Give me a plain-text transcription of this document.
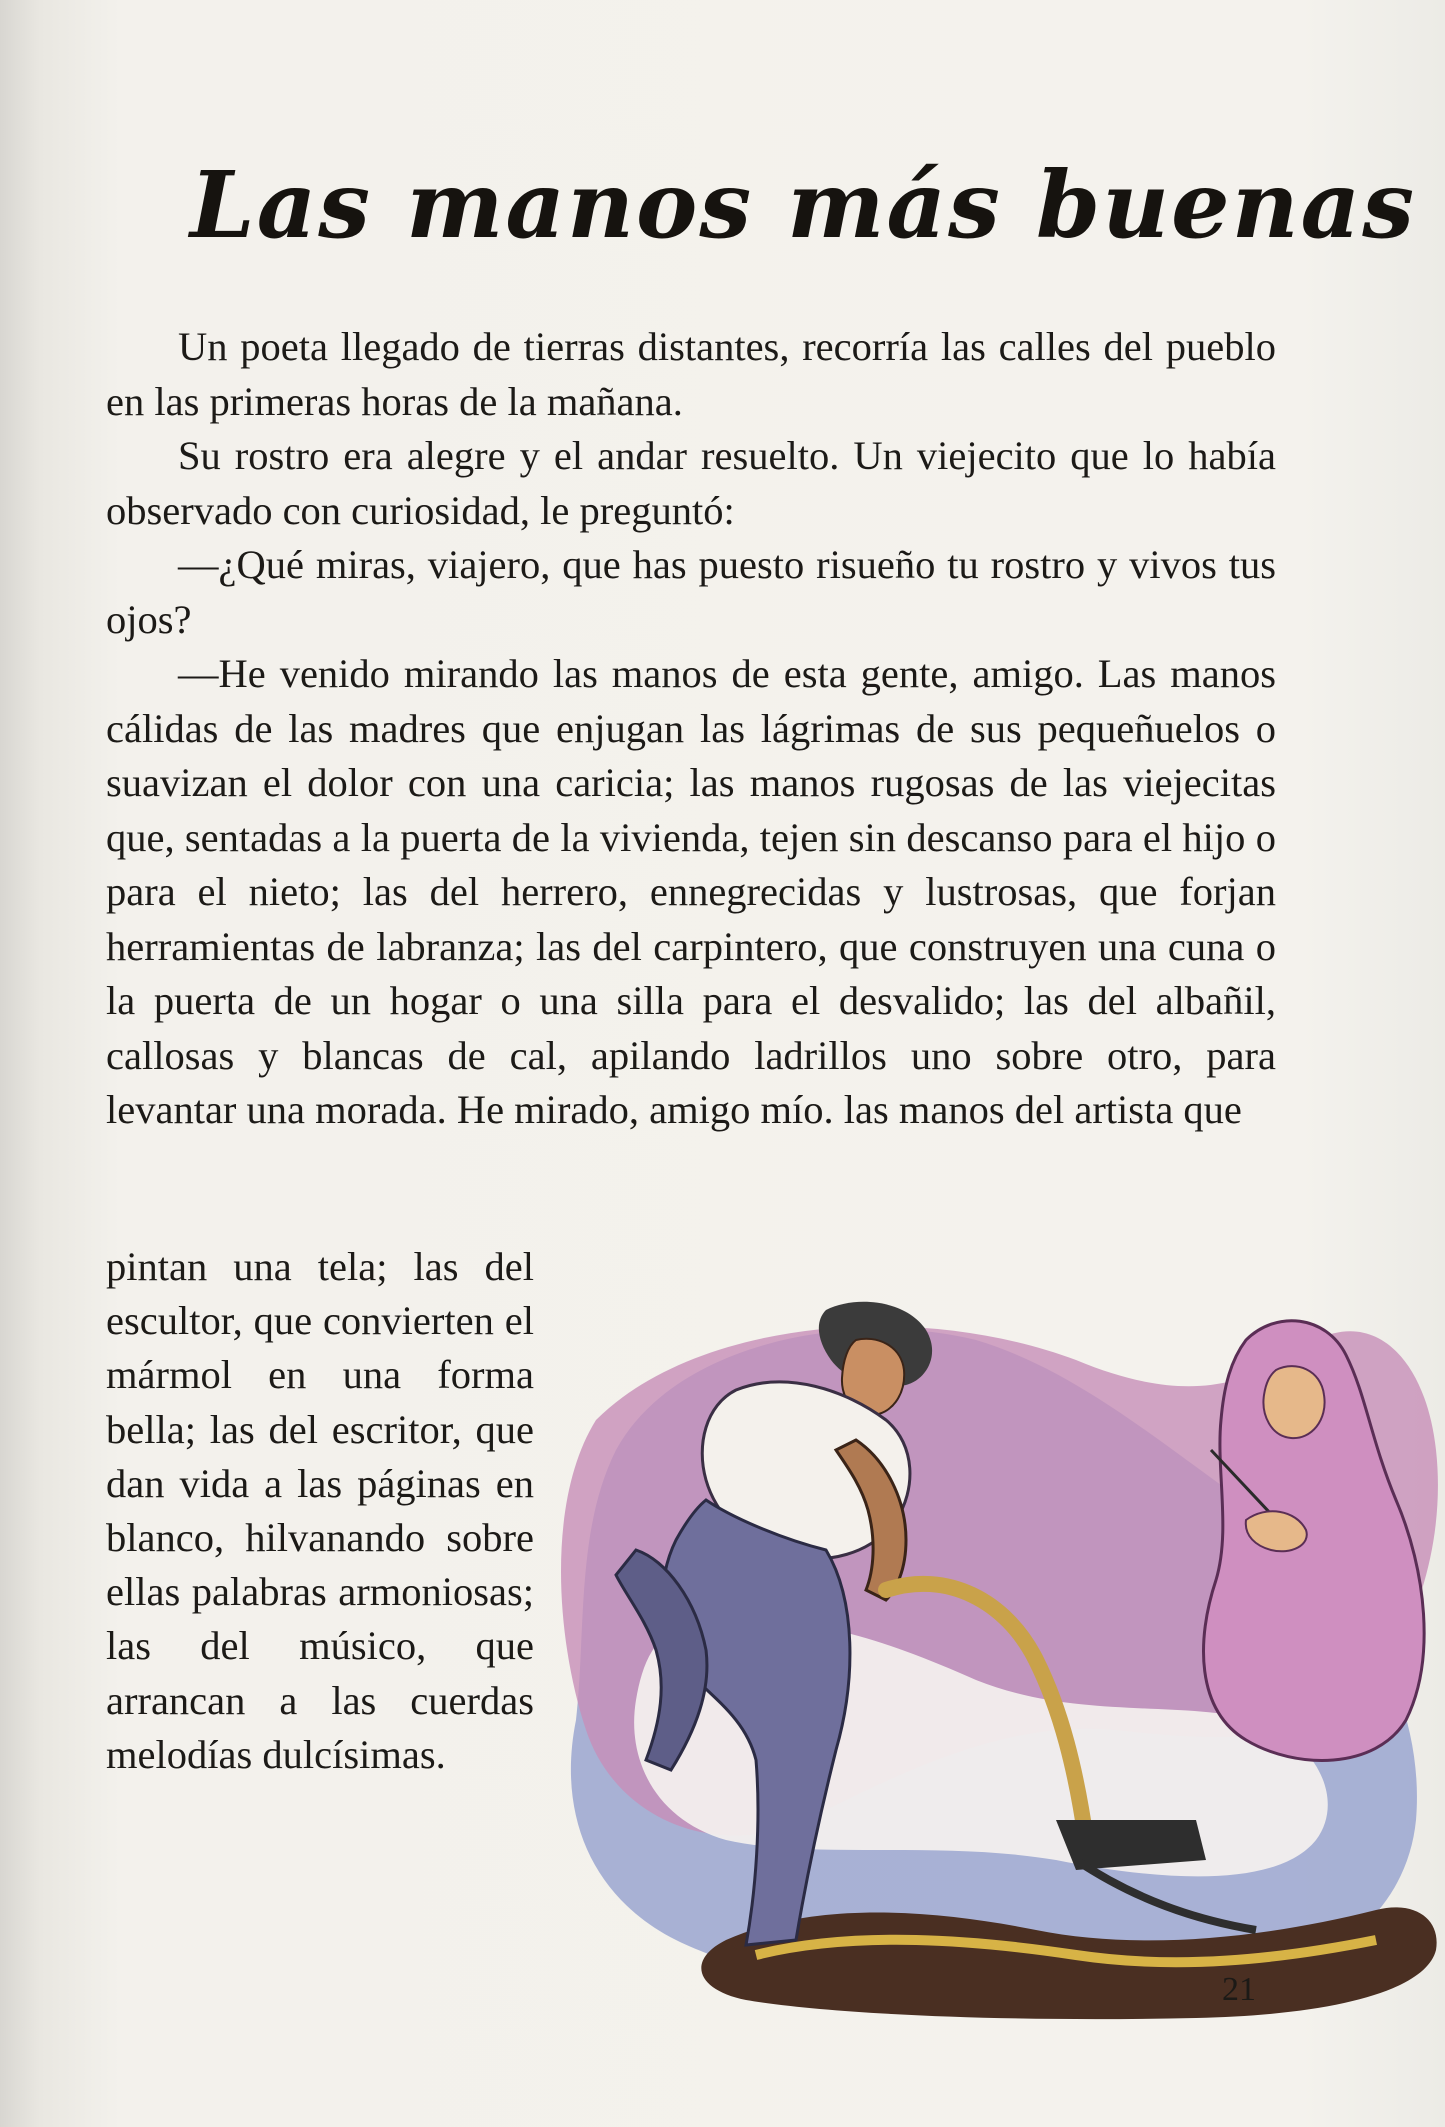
Las manos más buenas

Un poeta llegado de tierras distantes, recorría las calles del pueblo en las primeras horas de la mañana.

Su rostro era alegre y el andar resuelto. Un viejecito que lo había observado con curiosidad, le preguntó:

—¿Qué miras, viajero, que has puesto risueño tu rostro y vivos tus ojos?

—He venido mirando las manos de esta gente, amigo. Las manos cálidas de las madres que enjugan las lágrimas de sus pequeñuelos o suavizan el dolor con una caricia; las manos rugosas de las viejecitas que, sentadas a la puerta de la vivienda, tejen sin descanso para el hijo o para el nieto; las del herrero, ennegrecidas y lustrosas, que forjan herramientas de labranza; las del carpintero, que construyen una cuna o la puerta de un hogar o una silla para el desvalido; las del albañil, callosas y blancas de cal, apilando ladrillos uno sobre otro, para levantar una morada. He mirado, amigo mío. las manos del artista que

pintan una tela; las del escultor, que convierten el mármol en una forma bella; las del escritor, que dan vida a las páginas en blanco, hilvanando sobre ellas palabras armoniosas; las del músico, que arrancan a las cuerdas melodías dulcísimas.

21
